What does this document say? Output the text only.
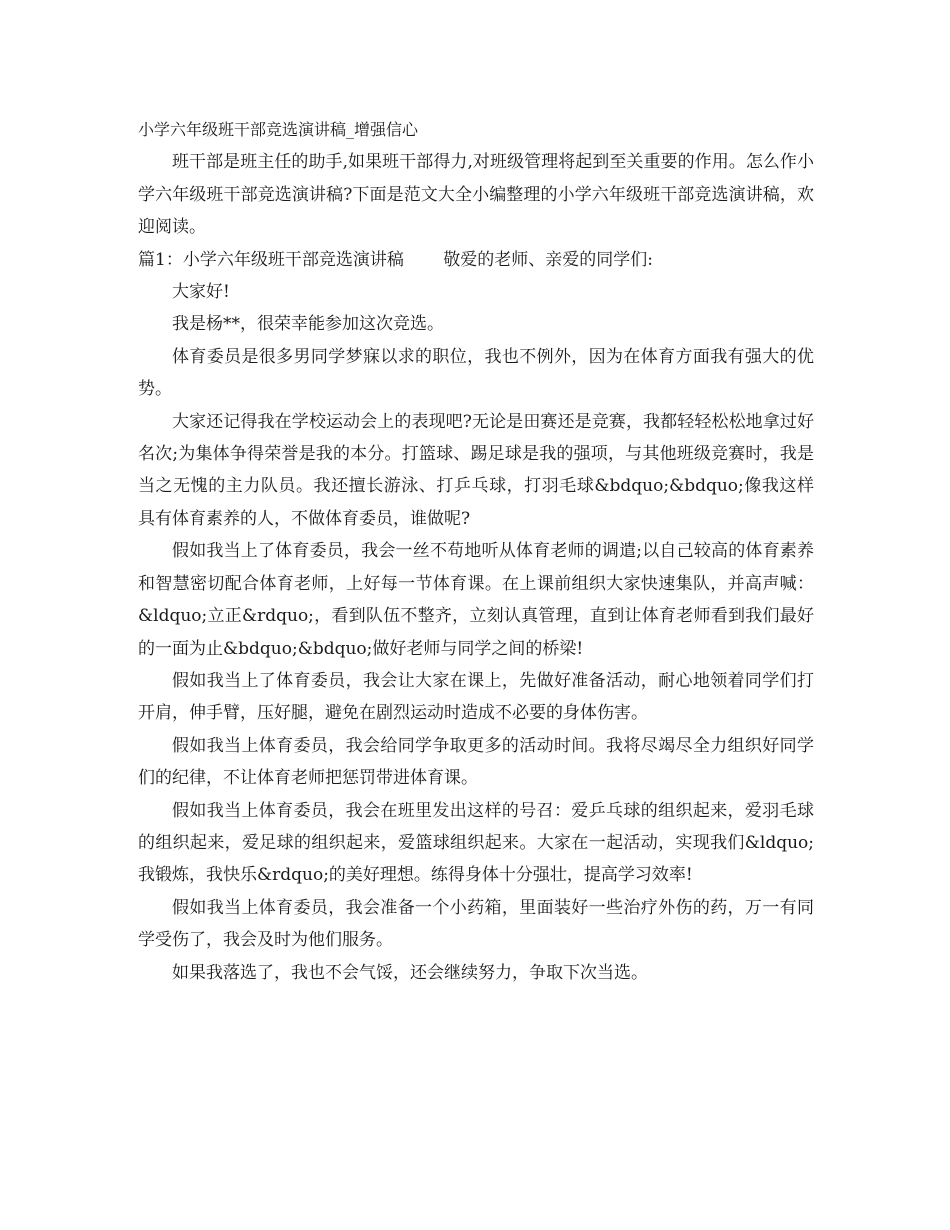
小学六年级班干部竞选演讲稿_增强信心

班干部是班主任的助手,如果班干部得力,对班级管理将起到至关重要的作用。怎么作小学六年级班干部竞选演讲稿?下面是范文大全小编整理的小学六年级班干部竞选演讲稿，欢迎阅读。

篇1：小学六年级班干部竞选演讲稿　　 敬爱的老师、亲爱的同学们:

大家好!

我是杨**，很荣幸能参加这次竞选。

体育委员是很多男同学梦寐以求的职位，我也不例外，因为在体育方面我有强大的优势。

大家还记得我在学校运动会上的表现吧?无论是田赛还是竞赛，我都轻轻松松地拿过好名次;为集体争得荣誉是我的本分。打篮球、踢足球是我的强项，与其他班级竞赛时，我是当之无愧的主力队员。我还擅长游泳、打乒乓球，打羽毛球&bdquo;&bdquo;像我这样具有体育素养的人，不做体育委员，谁做呢?

假如我当上了体育委员，我会一丝不苟地听从体育老师的调遣;以自己较高的体育素养和智慧密切配合体育老师，上好每一节体育课。在上课前组织大家快速集队，并高声喊：&ldquo;立正&rdquo;，看到队伍不整齐，立刻认真管理，直到让体育老师看到我们最好的一面为止&bdquo;&bdquo;做好老师与同学之间的桥梁!

假如我当上了体育委员，我会让大家在课上，先做好准备活动，耐心地领着同学们打开肩，伸手臂，压好腿，避免在剧烈运动时造成不必要的身体伤害。

假如我当上体育委员，我会给同学争取更多的活动时间。我将尽竭尽全力组织好同学们的纪律，不让体育老师把惩罚带进体育课。

假如我当上体育委员，我会在班里发出这样的号召：爱乒乓球的组织起来，爱羽毛球的组织起来，爱足球的组织起来，爱篮球组织起来。大家在一起活动，实现我们&ldquo;我锻炼，我快乐&rdquo;的美好理想。练得身体十分强壮，提高学习效率!

假如我当上体育委员，我会准备一个小药箱，里面装好一些治疗外伤的药，万一有同学受伤了，我会及时为他们服务。

如果我落选了，我也不会气馁，还会继续努力，争取下次当选。
